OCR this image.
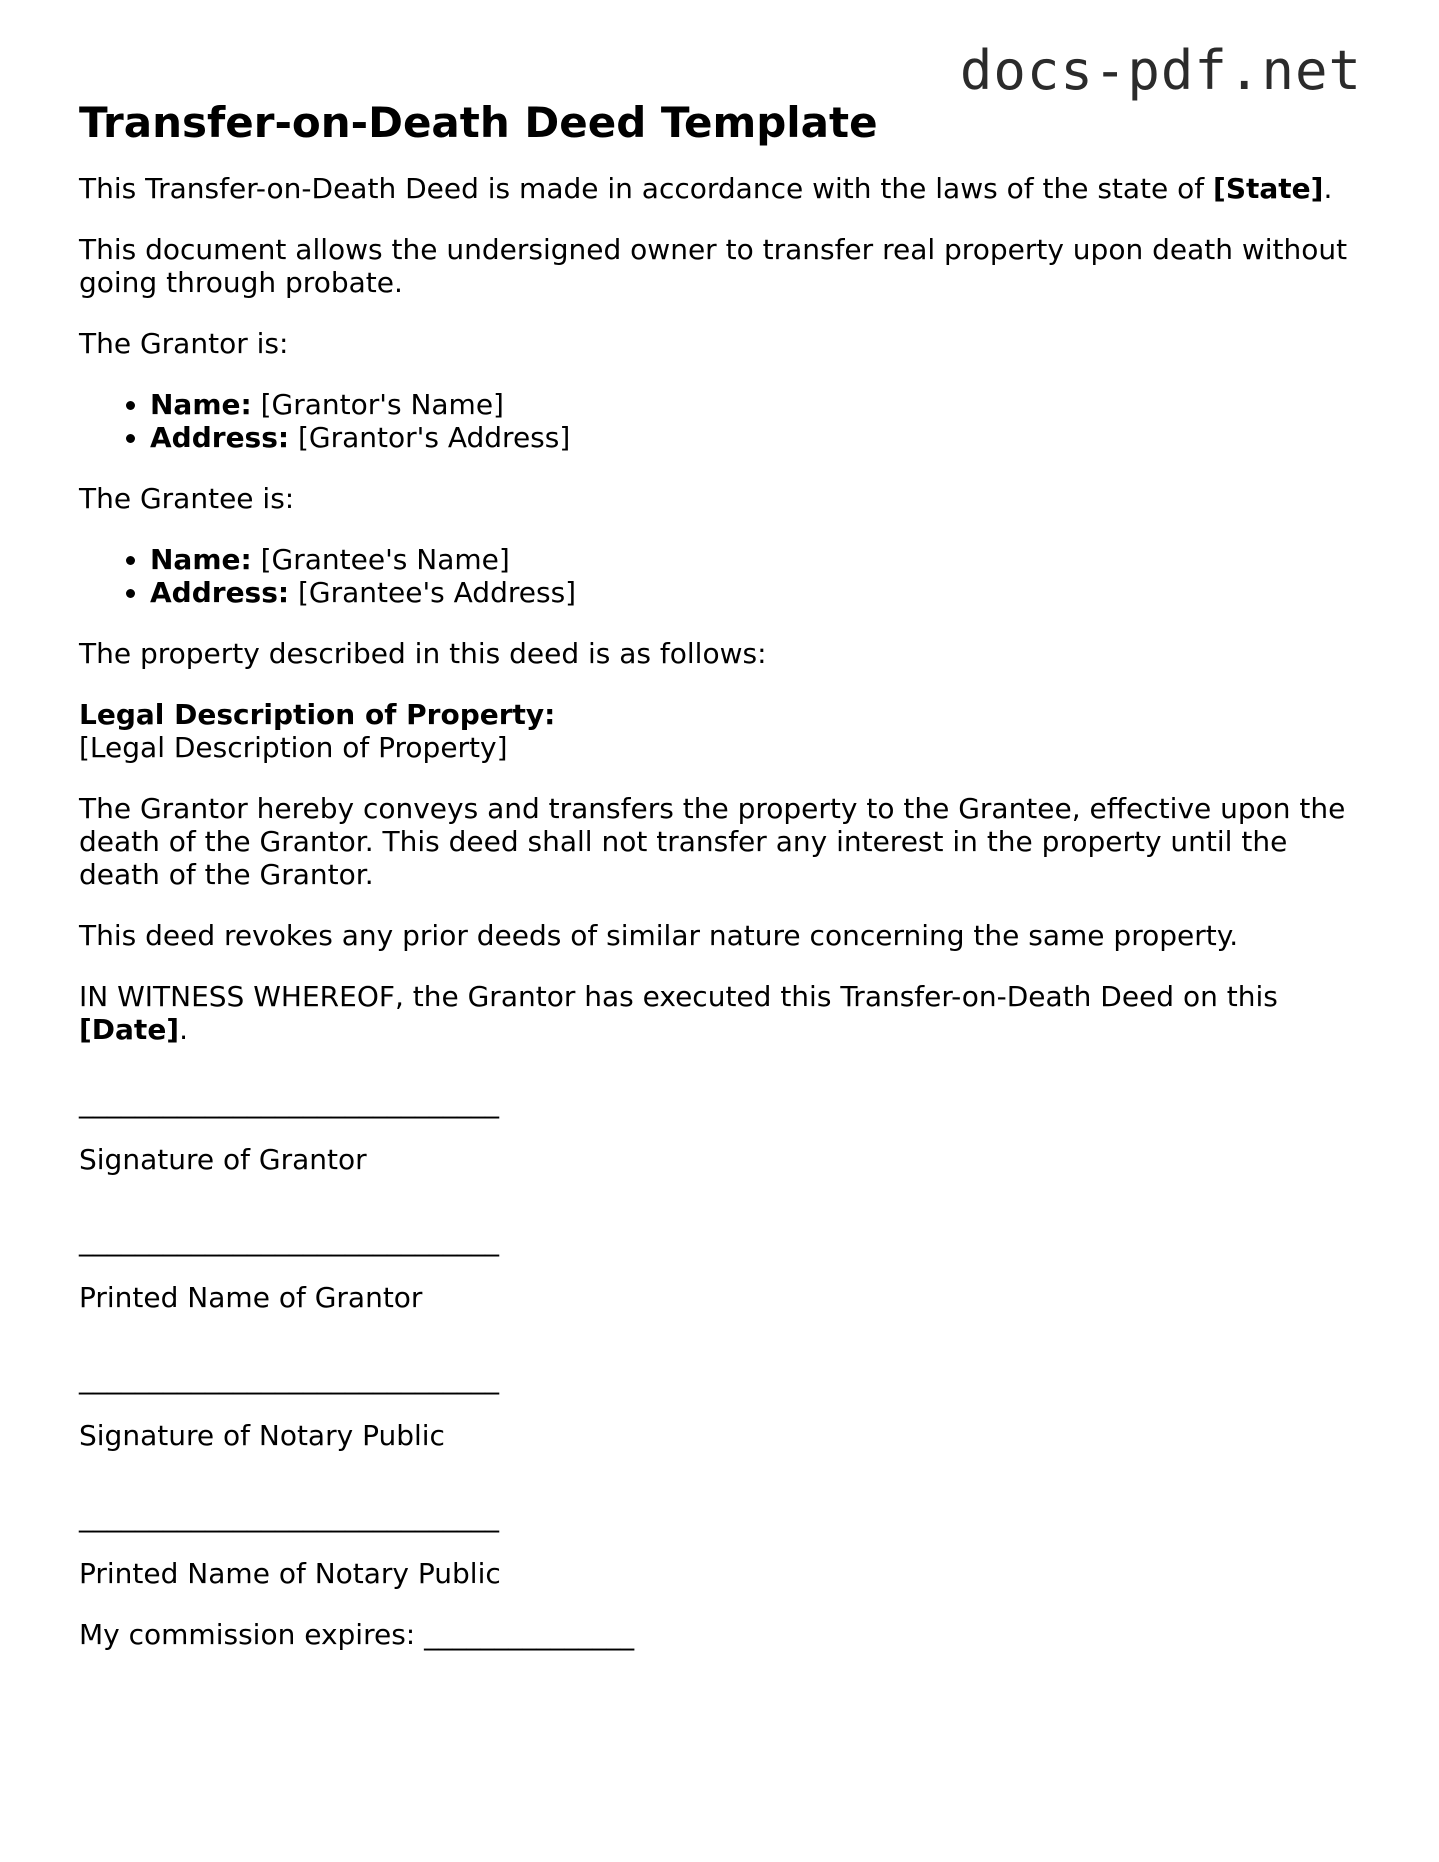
docs-pdf.net
Transfer-on-Death Deed Template

This Transfer-on-Death Deed is made in accordance with the laws of the state of [State].

This document allows the undersigned owner to transfer real property upon death without going through probate.

The Grantor is:

• Name: [Grantor's Name]
• Address: [Grantor's Address]

The Grantee is:

• Name: [Grantee's Name]
• Address: [Grantee's Address]

The property described in this deed is as follows:

Legal Description of Property:
[Legal Description of Property]

The Grantor hereby conveys and transfers the property to the Grantee, effective upon the death of the Grantor. This deed shall not transfer any interest in the property until the death of the Grantor.

This deed revokes any prior deeds of similar nature concerning the same property.

IN WITNESS WHEREOF, the Grantor has executed this Transfer-on-Death Deed on this [Date].

______________________________
Signature of Grantor
______________________________
Printed Name of Grantor
______________________________
Signature of Notary Public
______________________________
Printed Name of Notary Public

My commission expires: _______________
